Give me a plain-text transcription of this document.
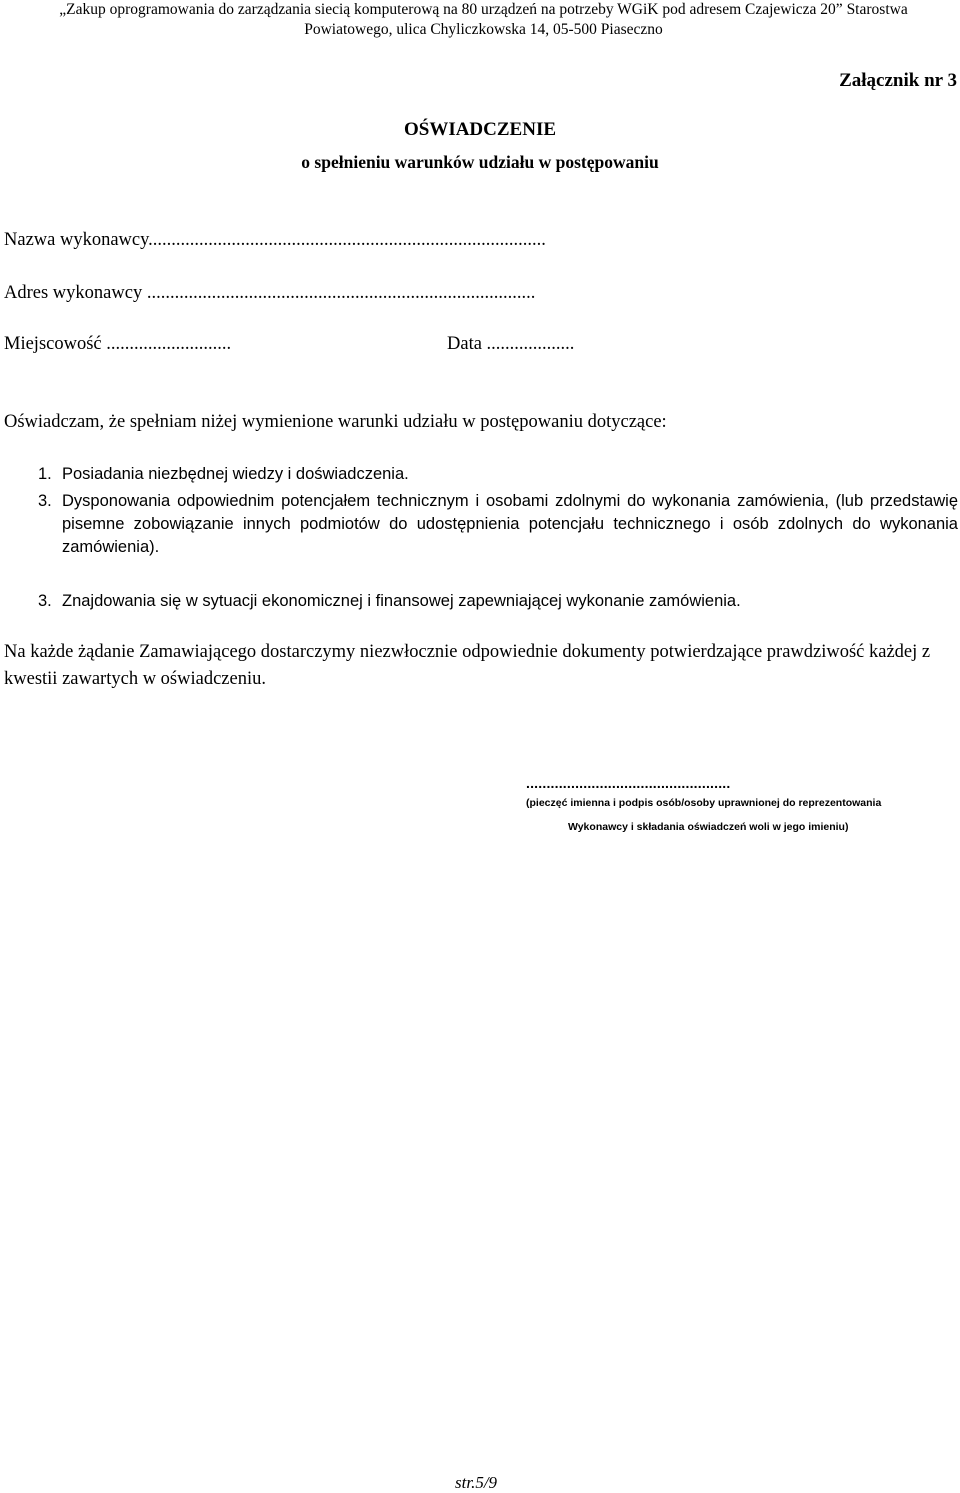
„Zakup oprogramowania do zarządzania siecią komputerową na 80 urządzeń na potrzeby WGiK pod adresem Czajewicza 20” Starostwa
Powiatowego, ulica Chyliczkowska 14, 05-500 Piaseczno
Załącznik nr 3
OŚWIADCZENIE
o spełnieniu warunków udziału w postępowaniu
Nazwa wykonawcy......................................................................................
Adres wykonawcy ....................................................................................
Miejscowość ...........................	Data ...................
Oświadczam, że spełniam niżej wymienione warunki udziału w postępowaniu dotyczące:
1. Posiadania niezbędnej wiedzy i doświadczenia.
3. Dysponowania odpowiednim potencjałem technicznym i osobami zdolnymi do wykonania zamówienia, (lub przedstawię pisemne zobowiązanie innych podmiotów do udostępnienia potencjału technicznego i osób zdolnych do wykonania zamówienia).
3. Znajdowania się w sytuacji ekonomicznej i finansowej zapewniającej wykonanie zamówienia.
Na każde żądanie Zamawiającego dostarczymy niezwłocznie odpowiednie dokumenty potwierdzające prawdziwość każdej z kwestii zawartych w oświadczeniu.
..................................................
(pieczęć imienna i podpis osób/osoby uprawnionej do reprezentowania
Wykonawcy i składania oświadczeń woli w jego imieniu)
str.5/9
